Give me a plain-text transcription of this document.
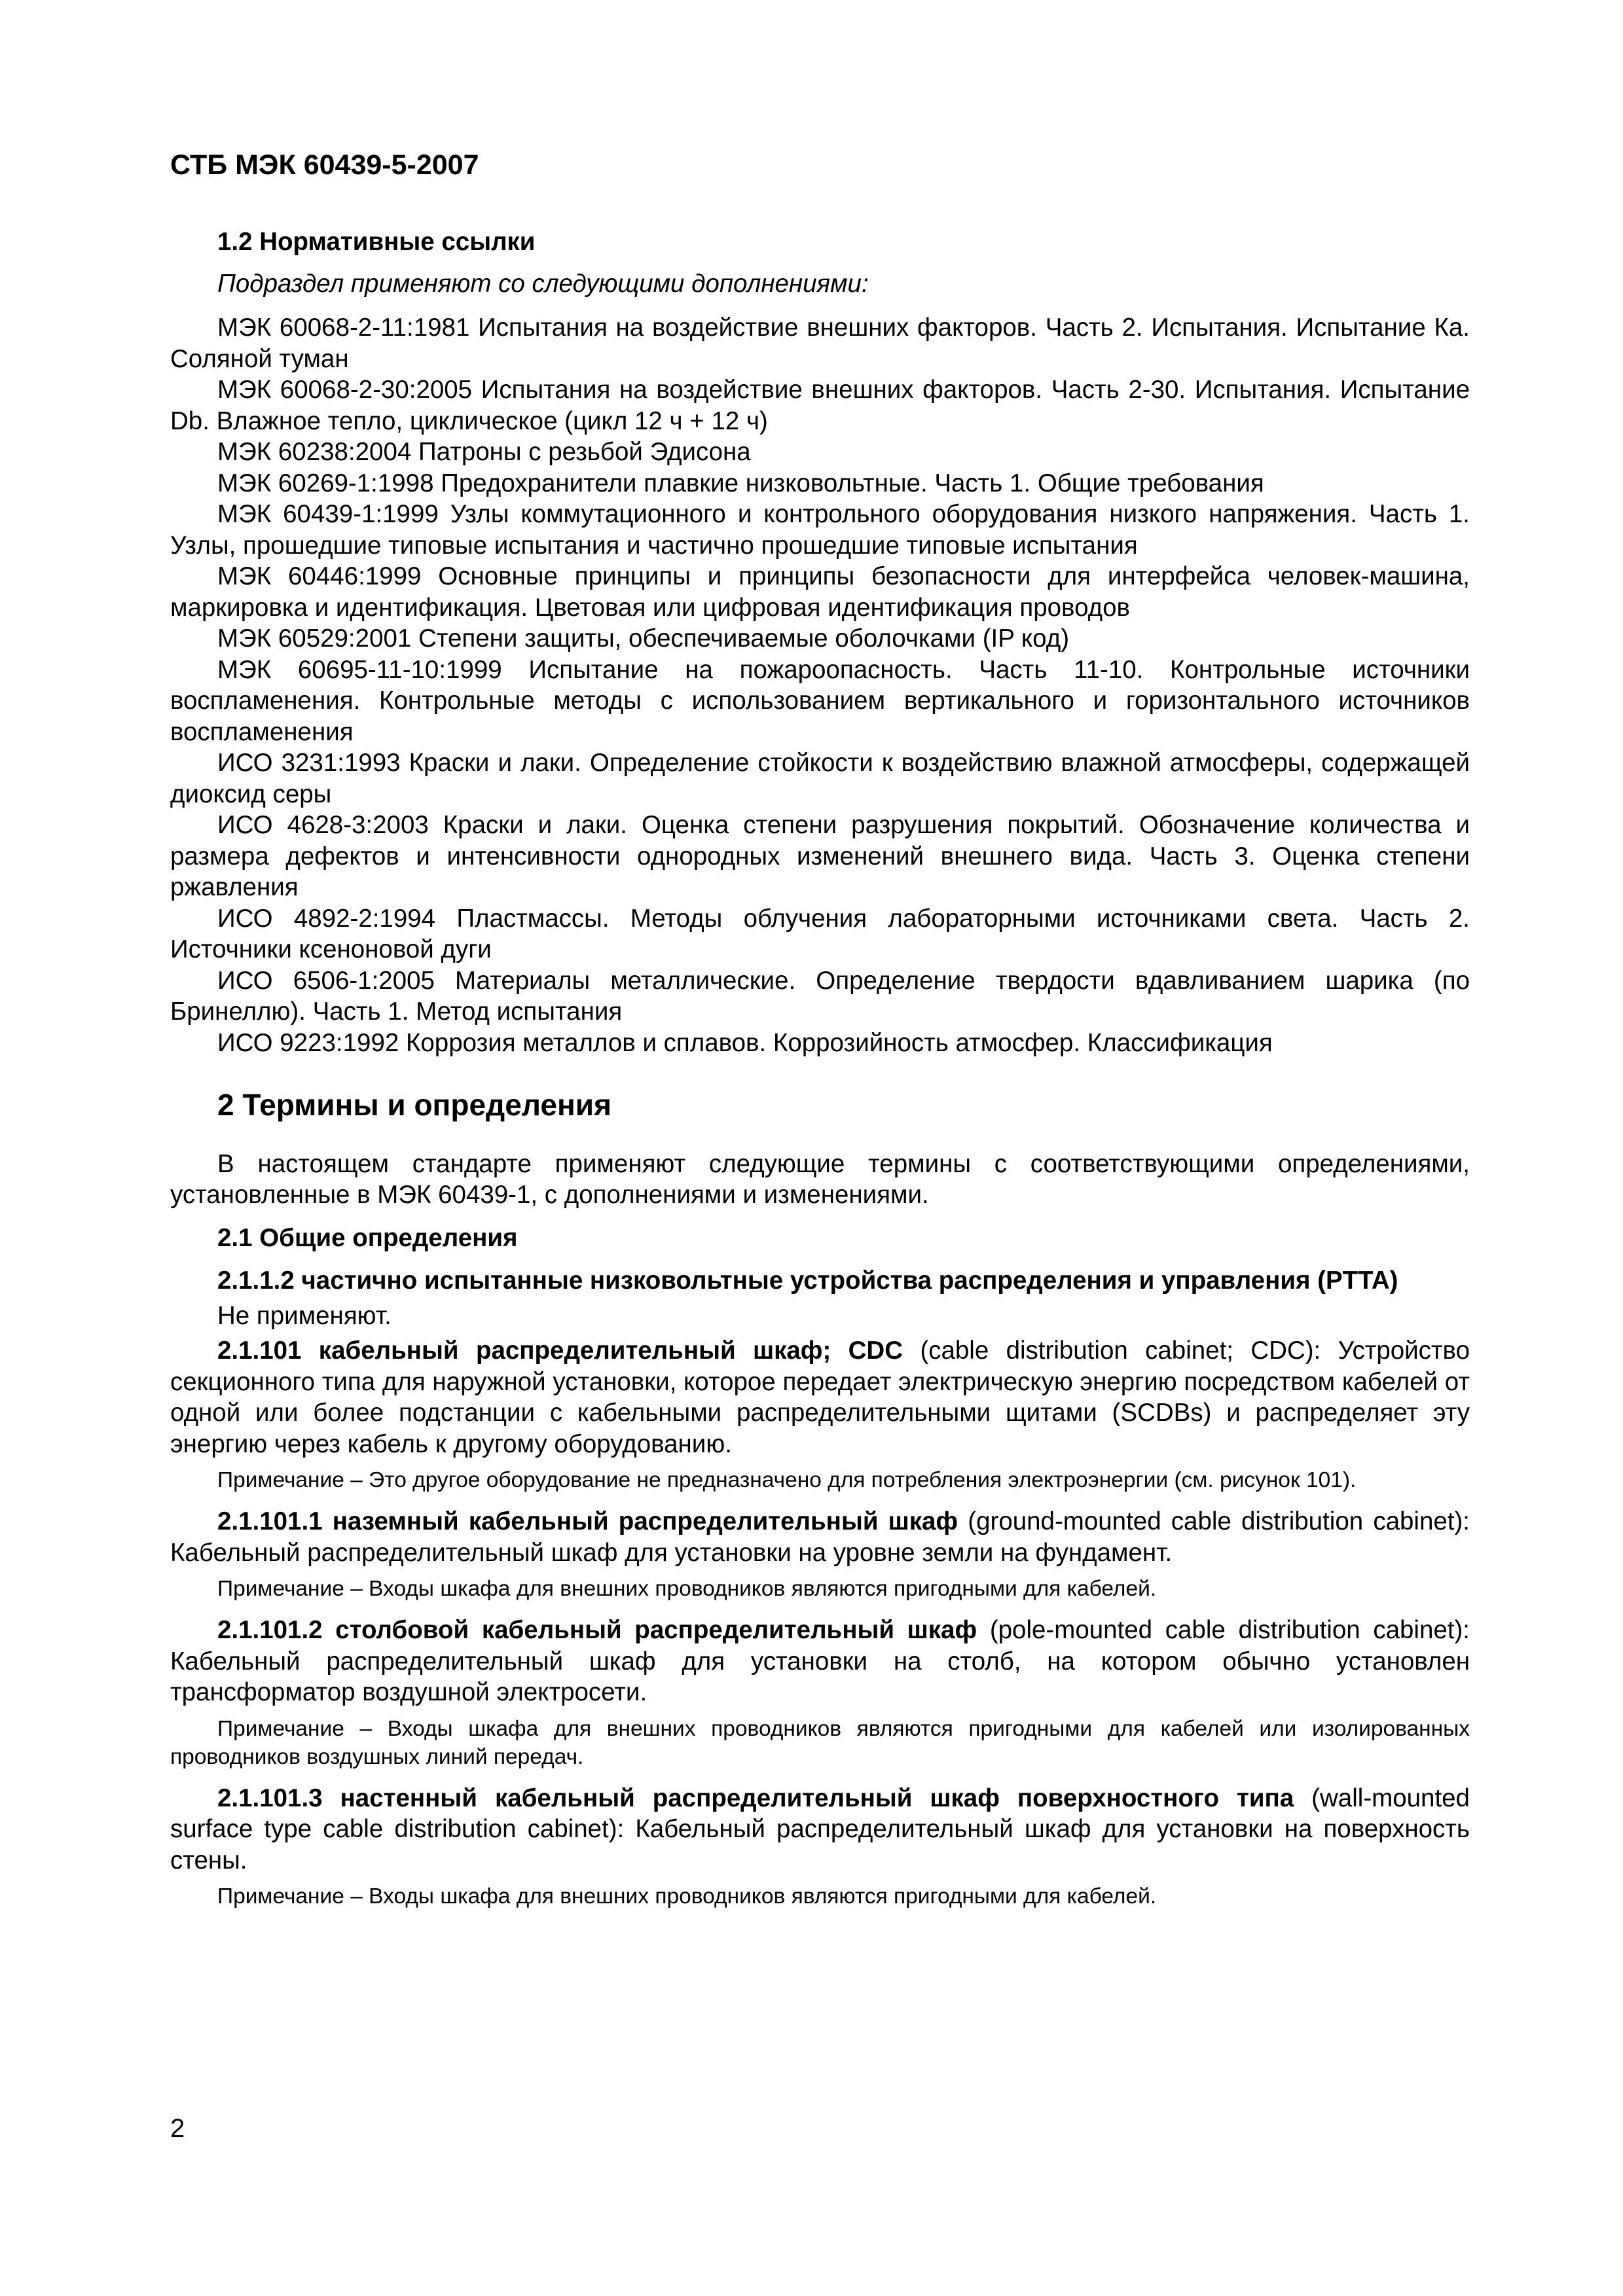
СТБ МЭК 60439-5-2007

1.2 Нормативные ссылки

Подраздел применяют со следующими дополнениями:

МЭК 60068-2-11:1981 Испытания на воздействие внешних факторов. Часть 2. Испытания. Испытание Ка. Соляной туман

МЭК 60068-2-30:2005 Испытания на воздействие внешних факторов. Часть 2-30. Испытания. Испытание Db. Влажное тепло, циклическое (цикл 12 ч + 12 ч)

МЭК 60238:2004 Патроны с резьбой Эдисона

МЭК 60269-1:1998 Предохранители плавкие низковольтные. Часть 1. Общие требования

МЭК 60439-1:1999 Узлы коммутационного и контрольного оборудования низкого напряжения. Часть 1. Узлы, прошедшие типовые испытания и частично прошедшие типовые испытания

МЭК 60446:1999 Основные принципы и принципы безопасности для интерфейса человек-машина, маркировка и идентификация. Цветовая или цифровая идентификация проводов

МЭК 60529:2001 Степени защиты, обеспечиваемые оболочками (IP код)

МЭК 60695-11-10:1999 Испытание на пожароопасность. Часть 11-10. Контрольные источники воспламенения. Контрольные методы с использованием вертикального и горизонтального источников воспламенения

ИСО 3231:1993 Краски и лаки. Определение стойкости к воздействию влажной атмосферы, содержащей диоксид серы

ИСО 4628-3:2003 Краски и лаки. Оценка степени разрушения покрытий. Обозначение количества и размера дефектов и интенсивности однородных изменений внешнего вида. Часть 3. Оценка степени ржавления

ИСО 4892-2:1994 Пластмассы. Методы облучения лабораторными источниками света. Часть 2. Источники ксеноновой дуги

ИСО 6506-1:2005 Материалы металлические. Определение твердости вдавливанием шарика (по Бринеллю). Часть 1. Метод испытания

ИСО 9223:1992 Коррозия металлов и сплавов. Коррозийность атмосфер. Классификация

2 Термины и определения

В настоящем стандарте применяют следующие термины с соответствующими определениями, установленные в МЭК 60439-1, с дополнениями и изменениями.

2.1 Общие определения

2.1.1.2 частично испытанные низковольтные устройства распределения и управления (PTTA)

Не применяют.

2.1.101 кабельный распределительный шкаф; CDC (cable distribution cabinet; CDC): Устройство секционного типа для наружной установки, которое передает электрическую энергию посредством кабелей от одной или более подстанции с кабельными распределительными щитами (SCDBs) и распределяет эту энергию через кабель к другому оборудованию.

Примечание – Это другое оборудование не предназначено для потребления электроэнергии (см. рисунок 101).

2.1.101.1 наземный кабельный распределительный шкаф (ground-mounted cable distribution cabinet): Кабельный распределительный шкаф для установки на уровне земли на фундамент.

Примечание – Входы шкафа для внешних проводников являются пригодными для кабелей.

2.1.101.2 столбовой кабельный распределительный шкаф (pole-mounted cable distribution cabinet): Кабельный распределительный шкаф для установки на столб, на котором обычно установлен трансформатор воздушной электросети.

Примечание – Входы шкафа для внешних проводников являются пригодными для кабелей или изолированных проводников воздушных линий передач.

2.1.101.3 настенный кабельный распределительный шкаф поверхностного типа (wall-mounted surface type cable distribution cabinet): Кабельный распределительный шкаф для установки на поверхность стены.

Примечание – Входы шкафа для внешних проводников являются пригодными для кабелей.

2
